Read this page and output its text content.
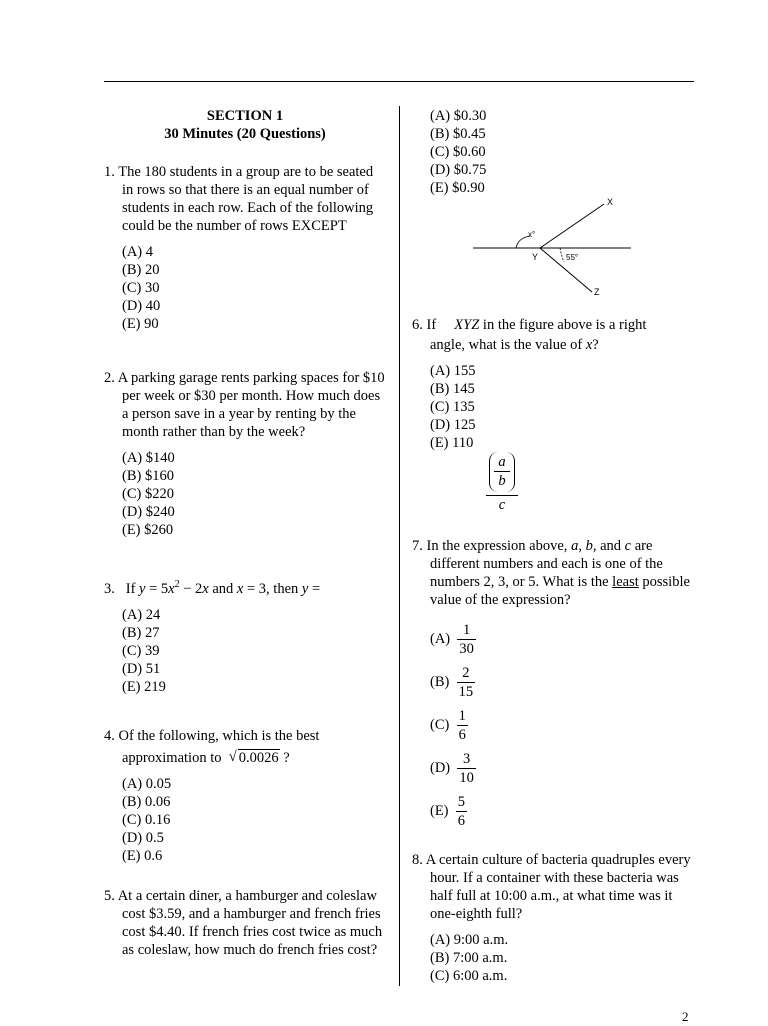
SECTION 1
30 Minutes (20 Questions)
1. The 180 students in a group are to be seated in rows so that there is an equal number of students in each row. Each of the following could be the number of rows EXCEPT
(A) 4
(B) 20
(C) 30
(D) 40
(E) 90
2. A parking garage rents parking spaces for $10 per week or $30 per month. How much does a person save in a year by renting by the month rather than by the week?
(A) $140
(B) $160
(C) $220
(D) $240
(E) $260
3. If $y = 5x^2 - 2x$ and x = 3, then y =
(A) 24
(B) 27
(C) 39
(D) 51
(E) 219
4. Of the following, which is the best
approximation to √ 0.0026 ?
(A) 0.05
(B) 0.06
(C) 0.16
(D) 0.5
(E) 0.6
5. At a certain diner, a hamburger and coleslaw cost $3.59, and a hamburger and french fries cost $4.40. If french fries cost twice as much as coleslaw, how much do french fries cost?
(A) $0.30
(B) $0.45
(C) $0.60
(D) $0.75
(E) $0.90
X
Y
Z
x°
55°
6. If XYZ in the figure above is a right
angle, what is the value of x?
(A) 155
(B) 145
(C) 135
(D) 125
(E) 110
$\frac{a}{b}$
c
7. In the expression above, a, b, and c are different numbers and each is one of the numbers 2, 3, or 5. What is the least possible value of the expression?
$(A) \frac{1}{30}$
$(B) \frac{2}{15}$
$(C) \frac{1}{6}$
$(D) \frac{3}{10}$
$(E) \frac{5}{6}$
8. A certain culture of bacteria quadruples every hour. If a container with these bacteria was half full at 10:00 a.m., at what time was it one-eighth full?
(A) 9:00 a.m.
(B) 7:00 a.m.
(C) 6:00 a.m.
2
